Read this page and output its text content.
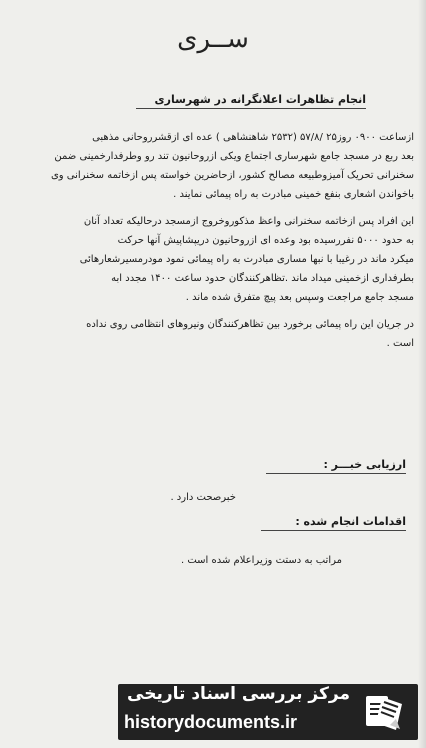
ســری
انجام تظاهرات اعلانگرانه در شهرساری
ازساعت ۰۹۰۰ روز۲۵ /۵۷/۸ (۲۵۳۲ شاهنشاهی ) عده ای ازقشرروحانی مذهبی
بعد ربع در مسجد جامع شهرساری اجتماع ویکی ازروحانیون تند رو وطرفدارخمینی ضمن
سخنرانی تحریک آمیزوطبیعه مصالح کشور، ازحاضرین خواسته پس ازخاتمه سخنرانی وی
باخواندن اشعاری بنفع خمینی مبادرت به راه پیمائی نمایند .
این افراد پس ازخاتمه سخنرانی واعظ مذکوروخروج ازمسجد درحالیکه تعداد آنان
به حدود ۵۰۰۰ نفررسیده بود وعده ای ازروحانیون دریپشاپیش آنها حرکت
میکرد ماند در رغیبا با نبها مساری مبادرت به راه پیمائی نمود مودرمسیرشعارهائی
بطرفداری ازخمینی میداد ماند .تظاهرکنندگان حدود ساعت ۱۴۰۰ مجدد ابه
مسجد جامع مراجعت وسپس بعد پیچ متفرق شده ماند .
در جریان این راه پیمائی برخورد بین تظاهرکنندگان ونیروهای انتظامی روی نداده
است .
ارزیابی خبـــر :
خبرصحت دارد .
اقدامات انجام شده :
مراتب به دستت وزیراعلام شده است .
مرکز بررسی اسناد تاریخی
historydocuments.ir
